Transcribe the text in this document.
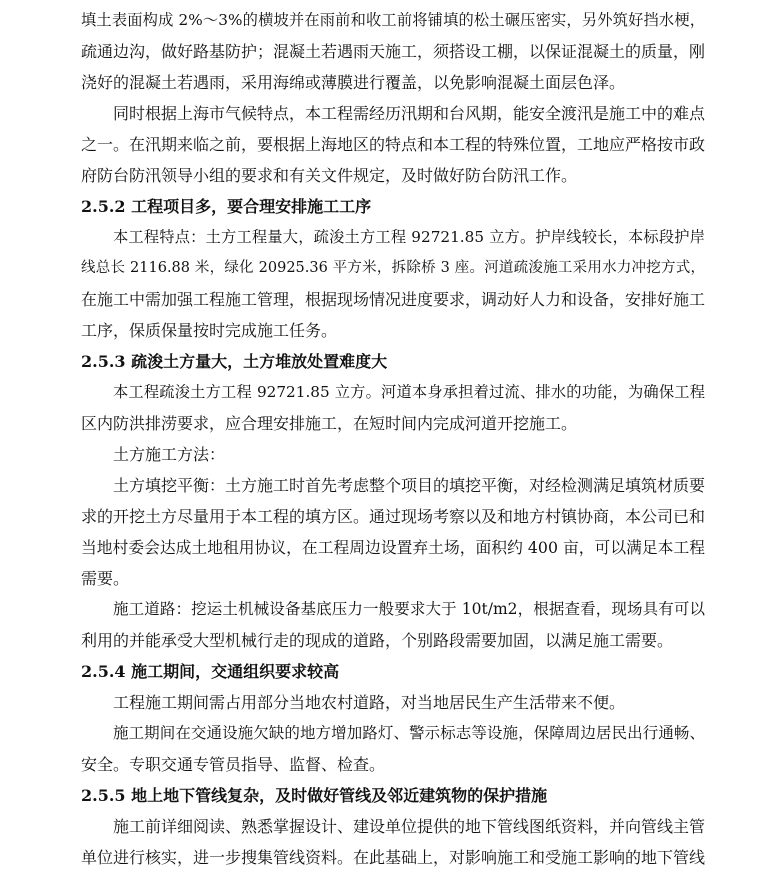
填土表面构成 2%～3%的横坡并在雨前和收工前将铺填的松土碾压密实，另外筑好挡水梗，
疏通边沟，做好路基防护；混凝土若遇雨天施工，须搭设工棚，以保证混凝土的质量，刚
浇好的混凝土若遇雨，采用海绵或薄膜进行覆盖，以免影响混凝土面层色泽。
同时根据上海市气候特点，本工程需经历汛期和台风期，能安全渡汛是施工中的难点
之一。在汛期来临之前，要根据上海地区的特点和本工程的特殊位置，工地应严格按市政
府防台防汛领导小组的要求和有关文件规定，及时做好防台防汛工作。
2.5.2 工程项目多，要合理安排施工工序
本工程特点：土方工程量大，疏浚土方工程 92721.85 立方。护岸线较长，本标段护岸
线总长 2116.88 米，绿化 20925.36 平方米，拆除桥 3 座。河道疏浚施工采用水力冲挖方式，
在施工中需加强工程施工管理，根据现场情况进度要求，调动好人力和设备，安排好施工
工序，保质保量按时完成施工任务。
2.5.3 疏浚土方量大，土方堆放处置难度大
本工程疏浚土方工程 92721.85 立方。河道本身承担着过流、排水的功能，为确保工程
区内防洪排涝要求，应合理安排施工，在短时间内完成河道开挖施工。
土方施工方法：
土方填挖平衡：土方施工时首先考虑整个项目的填挖平衡，对经检测满足填筑材质要
求的开挖土方尽量用于本工程的填方区。通过现场考察以及和地方村镇协商，本公司已和
当地村委会达成土地租用协议，在工程周边设置弃土场，面积约 400 亩，可以满足本工程
需要。
施工道路：挖运土机械设备基底压力一般要求大于 10t/m2，根据查看，现场具有可以
利用的并能承受大型机械行走的现成的道路，个别路段需要加固，以满足施工需要。
2.5.4 施工期间，交通组织要求较高
工程施工期间需占用部分当地农村道路，对当地居民生产生活带来不便。
施工期间在交通设施欠缺的地方增加路灯、警示标志等设施，保障周边居民出行通畅、
安全。专职交通专管员指导、监督、检查。
2.5.5 地上地下管线复杂，及时做好管线及邻近建筑物的保护措施
施工前详细阅读、熟悉掌握设计、建设单位提供的地下管线图纸资料，并向管线主管
单位进行核实，进一步搜集管线资料。在此基础上，对影响施工和受施工影响的地下管线
